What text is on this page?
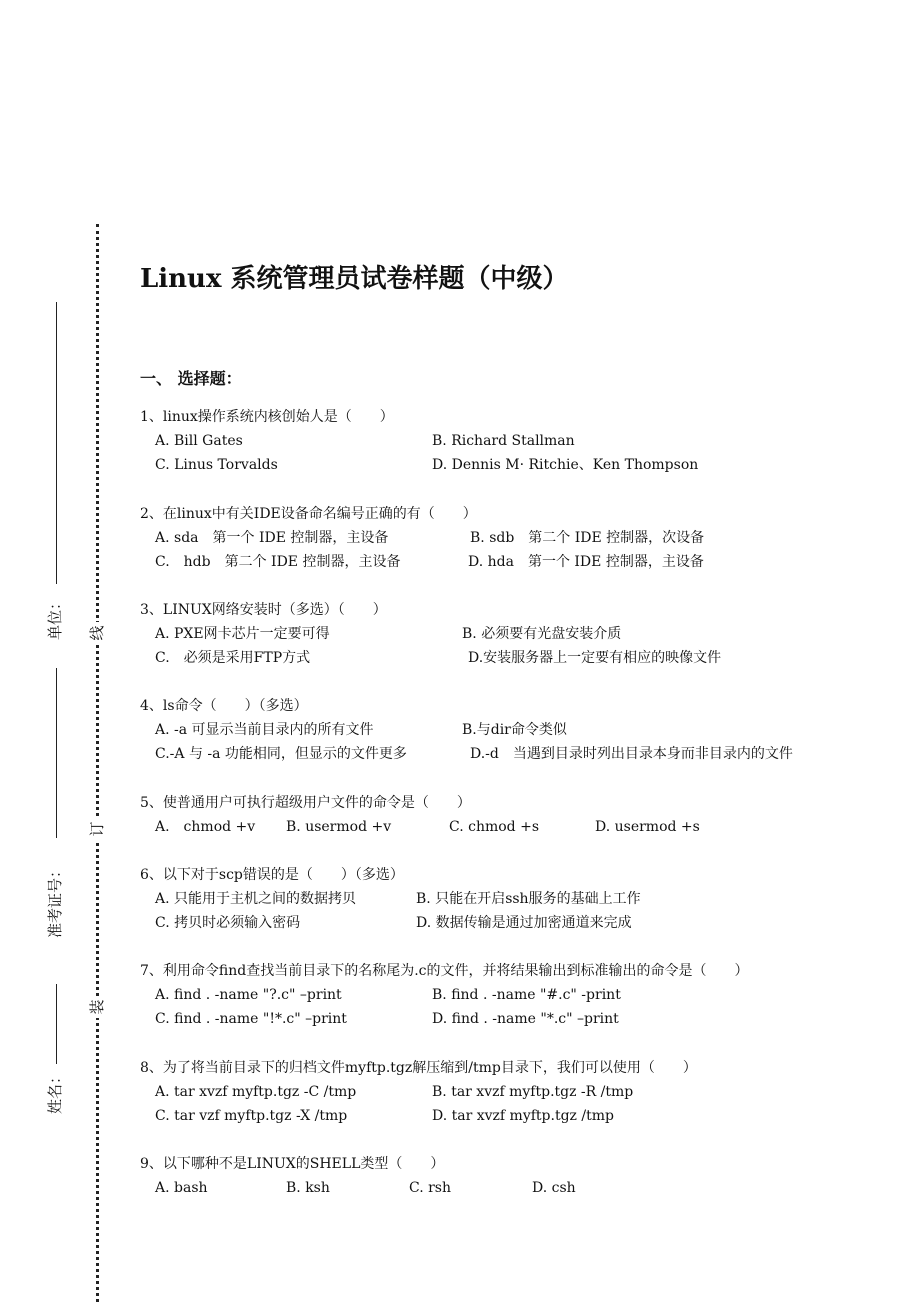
线
订
装
单位：
准考证号：
姓名：
Linux 系统管理员试卷样题（中级）
一、 选择题：
1、linux操作系统内核创始人是（　　）
A. Bill Gates	B. Richard Stallman
C. Linus Torvalds	D. Dennis M· Ritchie、Ken Thompson
2、在linux中有关IDE设备命名编号正确的有（　　）
A. sda　第一个 IDE 控制器，主设备	B. sdb　第二个 IDE 控制器，次设备
C.　hdb　第二个 IDE 控制器，主设备	D. hda　第一个 IDE 控制器，主设备
3、LINUX网络安装时（多选）（　　）
A. PXE网卡芯片一定要可得	B. 必须要有光盘安装介质
C.　必须是采用FTP方式	D.安装服务器上一定要有相应的映像文件
4、ls命令（　　）（多选）
A. -a 可显示当前目录内的所有文件	B.与dir命令类似
C.-A 与 -a 功能相同，但显示的文件更多	D.-d　当遇到目录时列出目录本身而非目录内的文件
5、使普通用户可执行超级用户文件的命令是（　　）
A.　chmod +v B. usermod +v	C. chmod +s	D. usermod +s
6、以下对于scp错误的是（　　）（多选）
A. 只能用于主机之间的数据拷贝	B. 只能在开启ssh服务的基础上工作
C. 拷贝时必须输入密码	D. 数据传输是通过加密通道来完成
7、利用命令find查找当前目录下的名称尾为.c的文件，并将结果输出到标准输出的命令是（　　）
A. find . -name "?.c" –print	B. find . -name "#.c" -print
C. find . -name "!*.c" –print	D. find . -name "*.c" –print
8、为了将当前目录下的归档文件myftp.tgz解压缩到/tmp目录下，我们可以使用（　　）
A. tar xvzf myftp.tgz -C /tmp	B. tar xvzf myftp.tgz -R /tmp
C. tar vzf myftp.tgz -X /tmp	D. tar xvzf myftp.tgz /tmp
9、以下哪种不是LINUX的SHELL类型（　　）
A. bash	B. ksh	C. rsh	D. csh
